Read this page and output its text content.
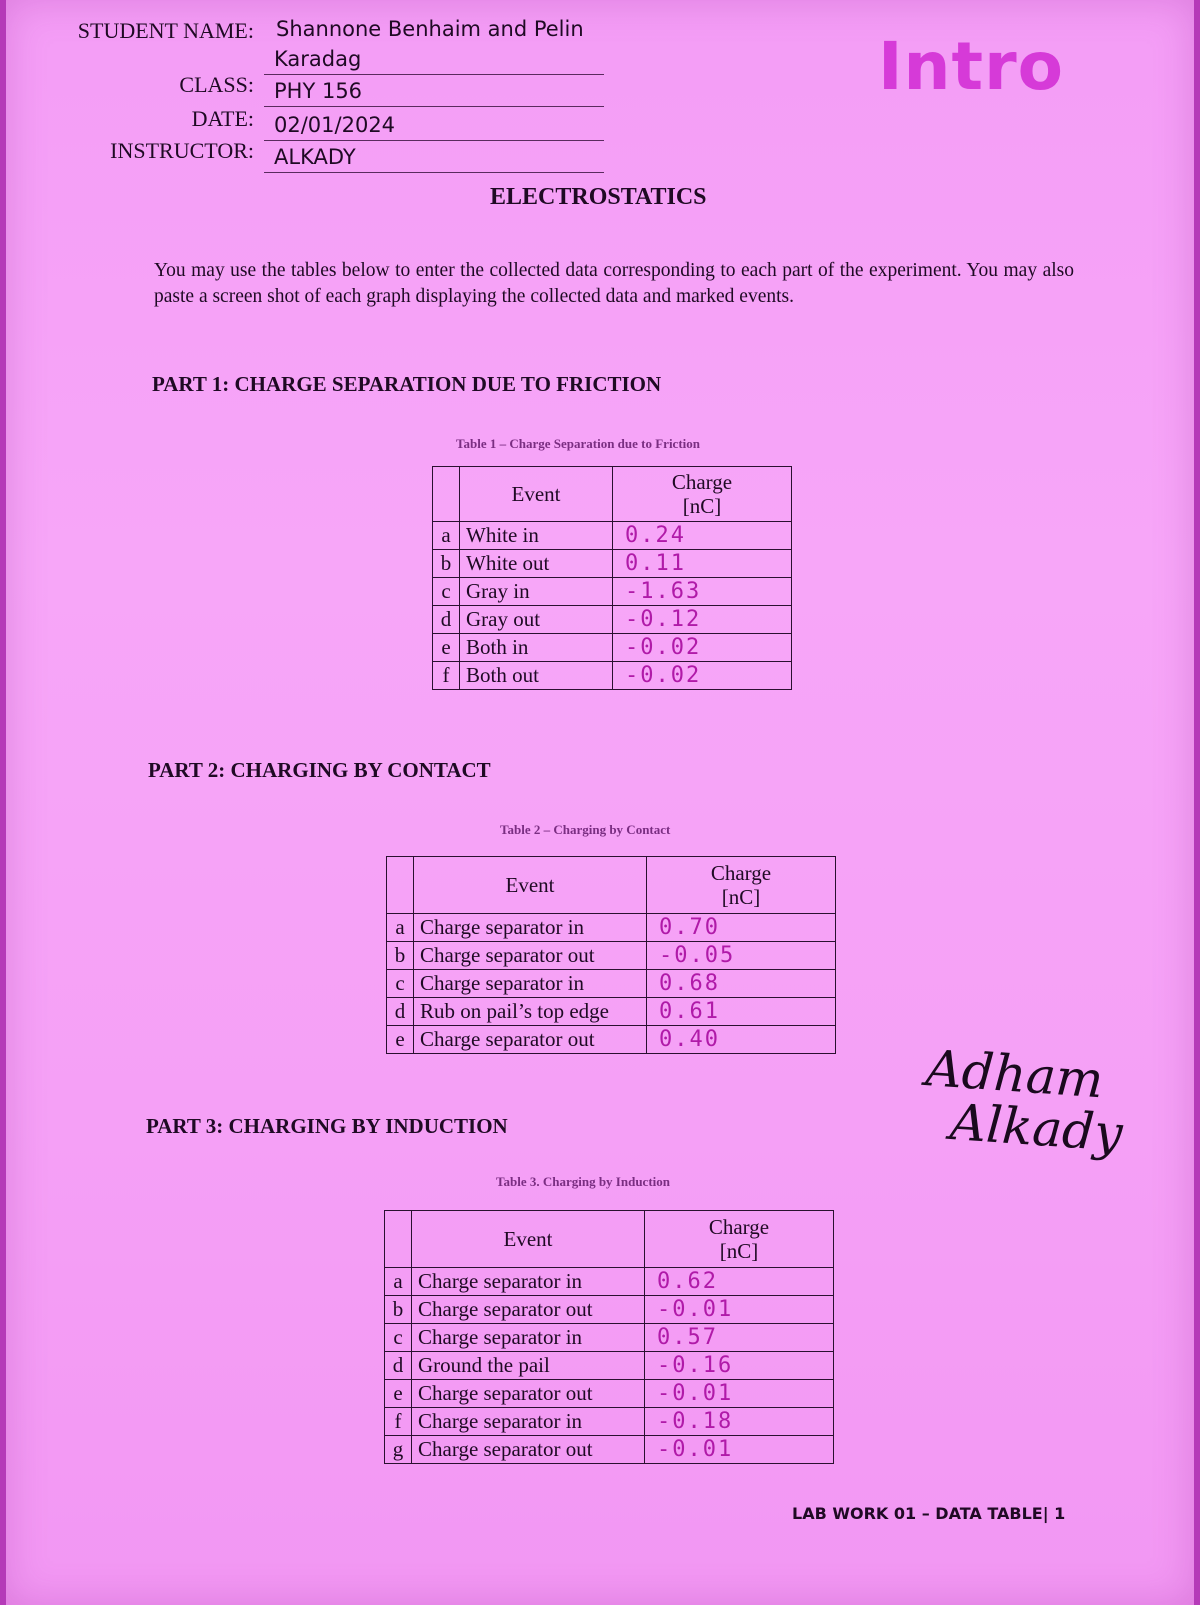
STUDENT NAME: Shannone Benhaim and Pelin
Karadag
CLASS: PHY 156
DATE: 02/01/2024
INSTRUCTOR: ALKADY
Intro
ELECTROSTATICS
You may use the tables below to enter the collected data corresponding to each part of the experiment. You may also paste a screen shot of each graph displaying the collected data and marked events.
PART 1: CHARGE SEPARATION DUE TO FRICTION
Table 1 – Charge Separation due to Friction
	Event	Charge
[nC]

a	White in	0.24
b	White out	0.11
c	Gray in	-1.63
d	Gray out	-0.12
e	Both in	-0.02
f	Both out	-0.02
PART 2: CHARGING BY CONTACT
Table 2 – Charging by Contact
	Event	Charge
[nC]

a	Charge separator in	0.70
b	Charge separator out	-0.05
c	Charge separator in	0.68
d	Rub on pail’s top edge	0.61
e	Charge separator out	0.40	Adham
Alkady
PART 3: CHARGING BY INDUCTION
Table 3. Charging by Induction
	Event	Charge
[nC]

a	Charge separator in	0.62
b	Charge separator out	-0.01
c	Charge separator in	0.57
d	Ground the pail	-0.16
e	Charge separator out	-0.01
f	Charge separator in	-0.18
g	Charge separator out	-0.01
LAB WORK 01 – DATA TABLE| 1
